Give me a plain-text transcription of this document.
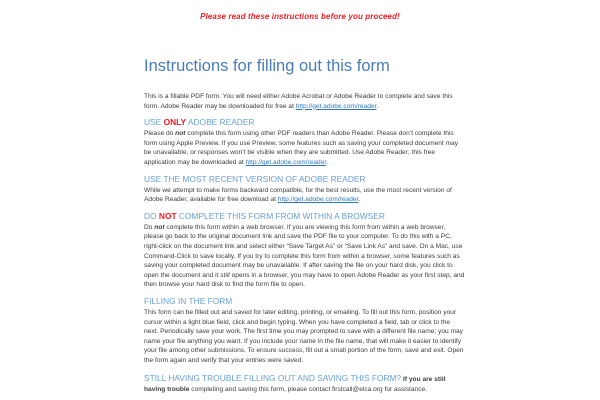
Please read these instructions before you proceed!
Instructions for filling out this form

This is a fillable PDF form. You will need either Adobe Acrobat or Adobe Reader to complete and save this form. Adobe Reader may be downloaded for free at http://get.adobe.com/reader.

USE ONLY ADOBE READER

Please do not complete this form using other PDF readers than Adobe Reader. Please don’t complete this form using Apple Preview. If you use Preview, some features such as saving your completed document may be unavailable, or responses won’t be visible when they are submitted. Use Adobe Reader; this free application may be downloaded at http://get.adobe.com/reader.

USE THE MOST RECENT VERSION OF ADOBE READER

While we attempt to make forms backward compatible, for the best results, use the most recent version of Adobe Reader, available for free download at http://get.adobe.com/reader.

DO NOT COMPLETE THIS FORM FROM WITHIN A BROWSER

Do not complete this form within a web browser. If you are viewing this form from within a web browser, please go back to the original document link and save the PDF file to your computer. To do this with a PC, right-click on the document link and select either “Save Target As” or “Save Link As” and save. On a Mac, use Command-Click to save locally. If you try to complete this form from within a browser, some features such as saving your completed document may be unavailable. If after saving the file on your hard disk, you click to open the document and it still opens in a browser, you may have to open Adobe Reader as your first step, and then browse your hard disk to find the form file to open.

FILLING IN THE FORM

This form can be filled out and saved for later editing, printing, or emailing. To fill out this form, position your cursor within a light blue field, click and begin typing. When you have completed a field, tab or click to the next. Periodically save your work. The first time you may prompted to save with a different file name; you may name your file anything you want. If you include your name in the file name, that will make it easier to identify your file among other submissions. To ensure success, fill out a small portion of the form, save and exit. Open the form again and verify that your entries were saved.

STILL HAVING TROUBLE FILLING OUT AND SAVING THIS FORM? If you are still having trouble completing and saving this form, please contact firstcall@elca.org for assistance.
